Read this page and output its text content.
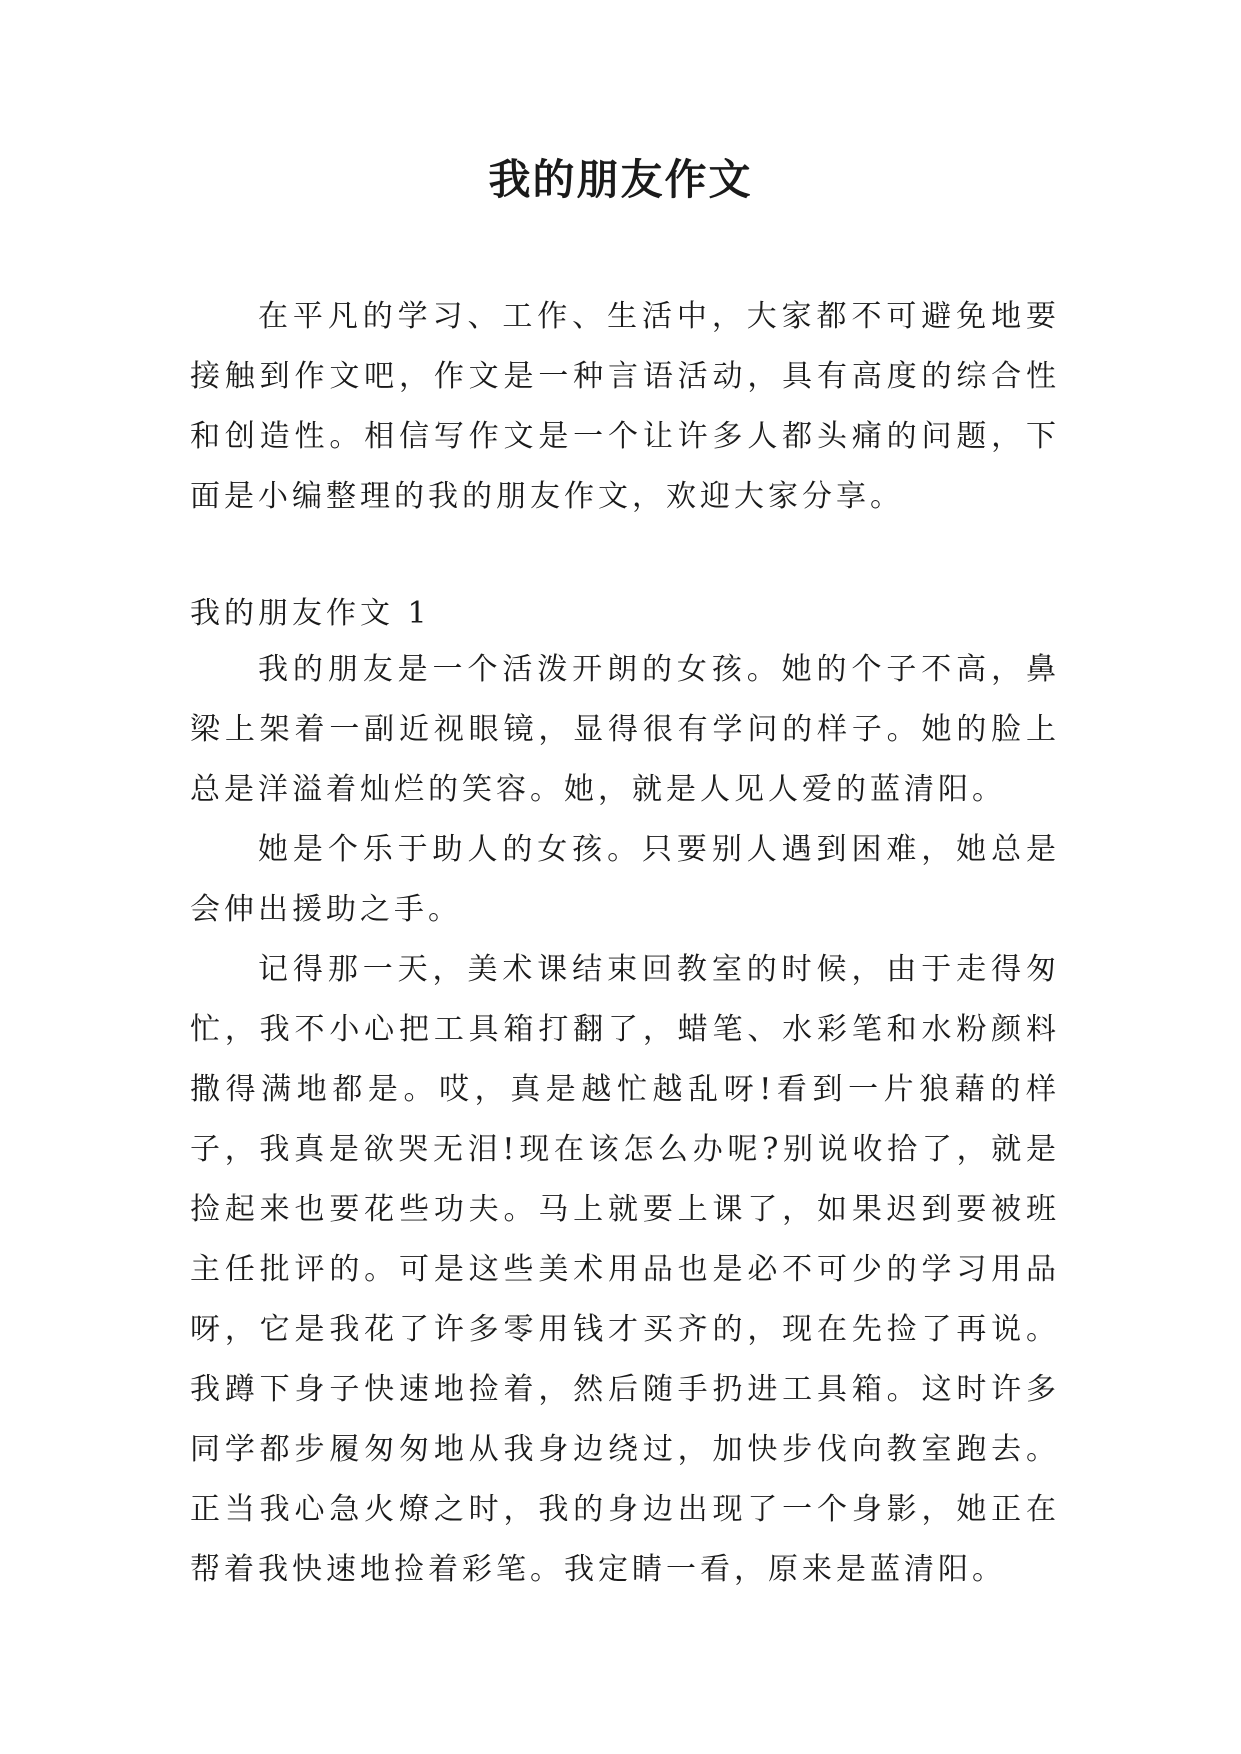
我的朋友作文

在平凡的学习、工作、生活中，大家都不可避免地要接触到作文吧，作文是一种言语活动，具有高度的综合性和创造性。相信写作文是一个让许多人都头痛的问题，下面是小编整理的我的朋友作文，欢迎大家分享。

我的朋友作文 1

我的朋友是一个活泼开朗的女孩。她的个子不高，鼻梁上架着一副近视眼镜，显得很有学问的样子。她的脸上总是洋溢着灿烂的笑容。她，就是人见人爱的蓝清阳。

她是个乐于助人的女孩。只要别人遇到困难，她总是会伸出援助之手。

记得那一天，美术课结束回教室的时候，由于走得匆忙，我不小心把工具箱打翻了，蜡笔、水彩笔和水粉颜料撒得满地都是。哎，真是越忙越乱呀!看到一片狼藉的样子，我真是欲哭无泪!现在该怎么办呢?别说收拾了，就是捡起来也要花些功夫。马上就要上课了，如果迟到要被班主任批评的。可是这些美术用品也是必不可少的学习用品呀，它是我花了许多零用钱才买齐的，现在先捡了再说。我蹲下身子快速地捡着，然后随手扔进工具箱。这时许多同学都步履匆匆地从我身边绕过，加快步伐向教室跑去。正当我心急火燎之时，我的身边出现了一个身影，她正在帮着我快速地捡着彩笔。我定睛一看，原来是蓝清阳。
